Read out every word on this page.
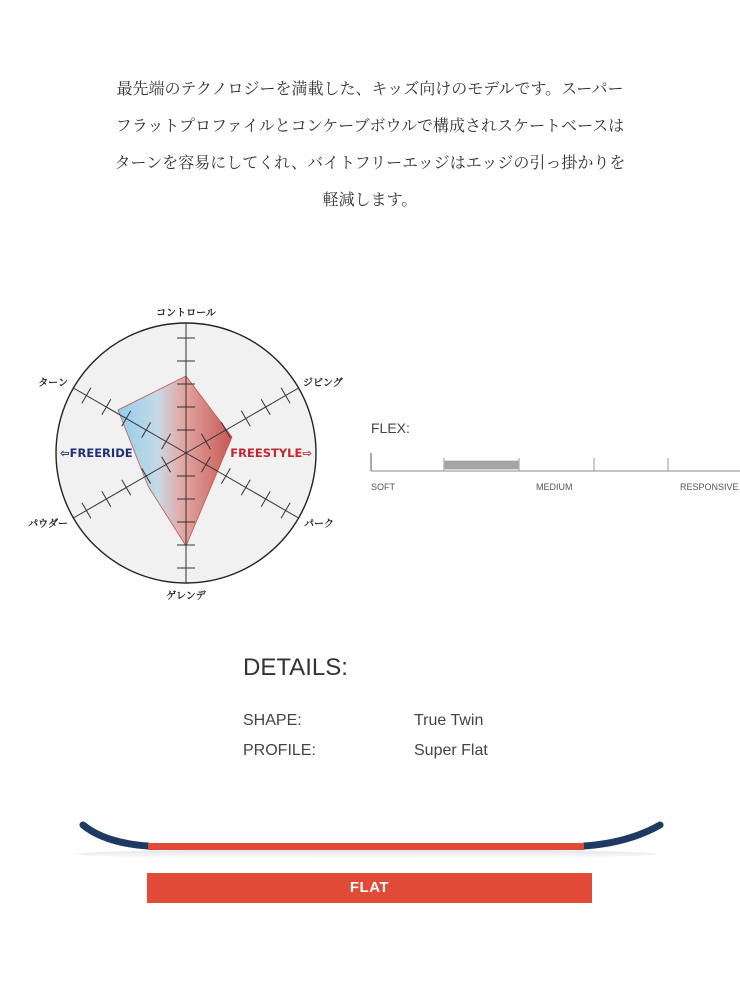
最先端のテクノロジーを満載した、キッズ向けのモデルです。スーパー
フラットプロファイルとコンケーブボウルで構成されスケートベースは
ターンを容易にしてくれ、バイトフリーエッジはエッジの引っ掛かりを
軽減します。
コントロール
ジビング
パーク
ゲレンデ
パウダー
ターン
⇦FREERIDE	FREESTYLE⇨
FLEX:
SOFT	MEDIUM	RESPONSIVE
DETAILS:
SHAPE:	True Twin
PROFILE:	Super Flat
FLAT
